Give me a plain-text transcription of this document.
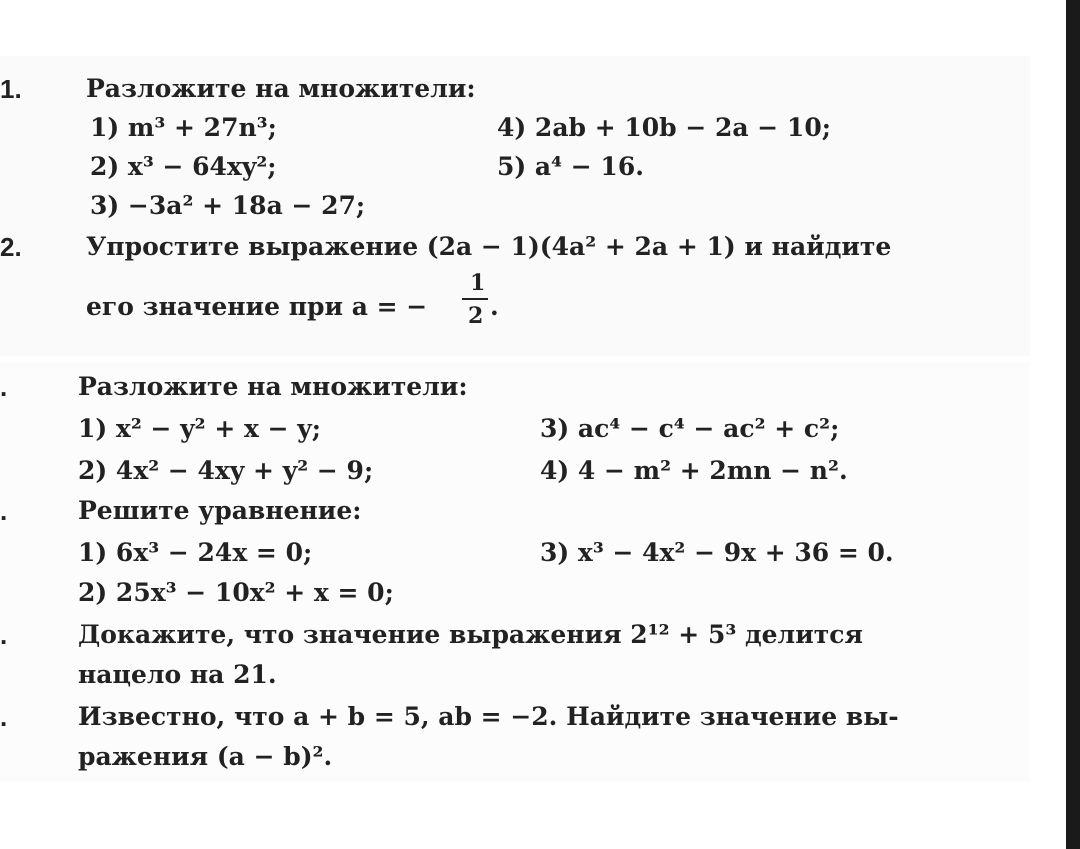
1.	Разложите на множители:
1) m³ + 27n³;
2) x³ − 64xy²;
3) −3a² + 18a − 27;
4) 2ab + 10b − 2a − 10;
5) a⁴ − 16.
2.	Упростите выражение (2a − 1)(4a² + 2a + 1) и найдите
его значение при a = −
1
2 .
.	Разложите на множители:
1) x² − y² + x − y;
2) 4x² − 4xy + y² − 9;
3) ac⁴ − c⁴ − ac² + c²;
4) 4 − m² + 2mn − n².
.	Решите уравнение:
1) 6x³ − 24x = 0;
2) 25x³ − 10x² + x = 0;
3) x³ − 4x² − 9x + 36 = 0.
.	Докажите, что значение выражения 2¹² + 5³ делится
нацело на 21.
.	Известно, что a + b = 5, ab = −2. Найдите значение вы-
ражения (a − b)².
